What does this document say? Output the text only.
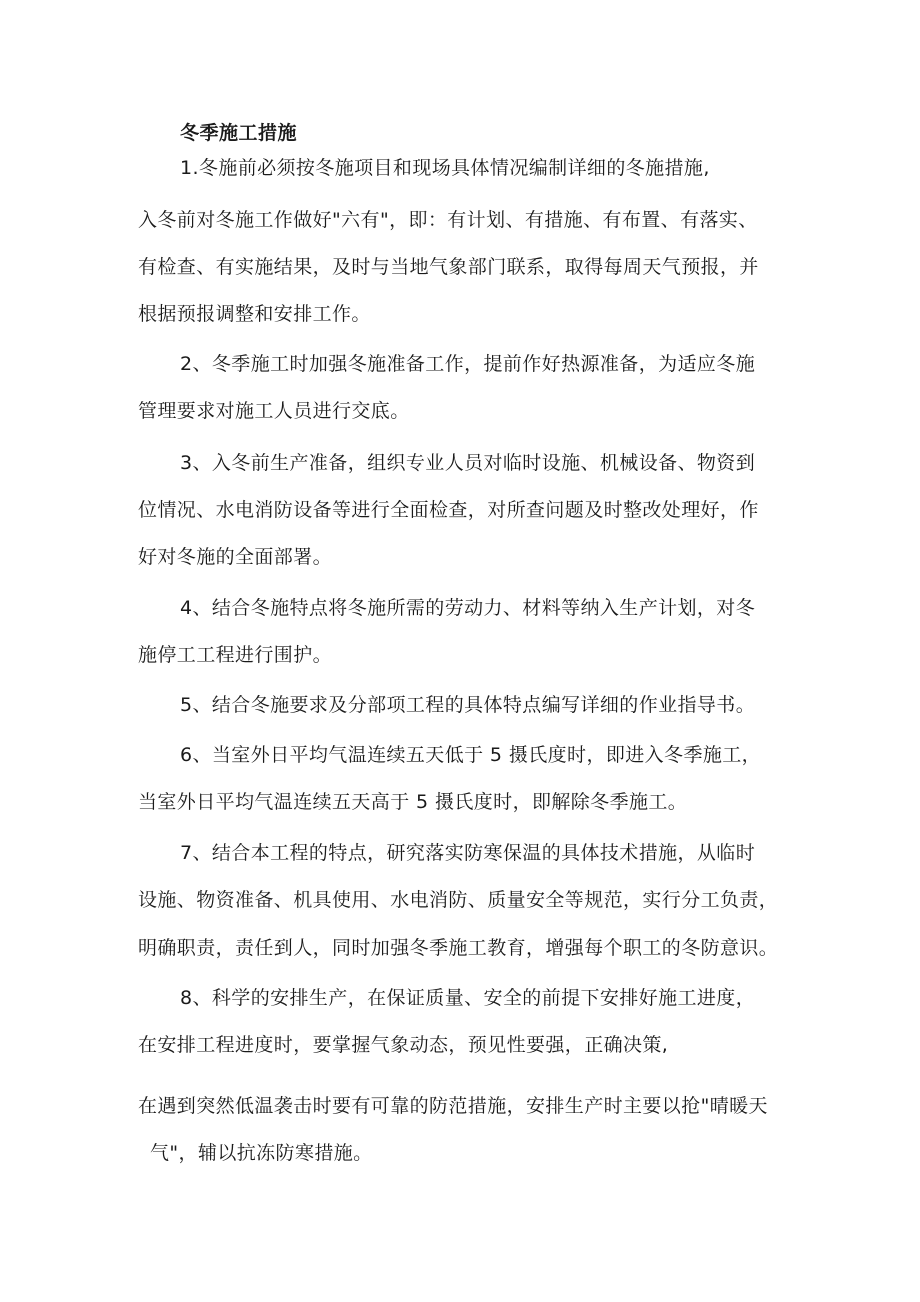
冬季施工措施
1.冬施前必须按冬施项目和现场具体情况编制详细的冬施措施,
入冬前对冬施工作做好"六有"，即：有计划、有措施、有布置、有落实、
有检查、有实施结果，及时与当地气象部门联系，取得每周天气预报，并
根据预报调整和安排工作。
2、冬季施工时加强冬施准备工作，提前作好热源准备，为适应冬施
管理要求对施工人员进行交底。
3、入冬前生产准备，组织专业人员对临时设施、机械设备、物资到
位情况、水电消防设备等进行全面检查，对所查问题及时整改处理好，作
好对冬施的全面部署。
4、结合冬施特点将冬施所需的劳动力、材料等纳入生产计划，对冬
施停工工程进行围护。
5、结合冬施要求及分部项工程的具体特点编写详细的作业指导书。
6、当室外日平均气温连续五天低于 5 摄氏度时，即进入冬季施工，
当室外日平均气温连续五天高于 5 摄氏度时，即解除冬季施工。
7、结合本工程的特点，研究落实防寒保温的具体技术措施，从临时
设施、物资准备、机具使用、水电消防、质量安全等规范，实行分工负责，
明确职责，责任到人，同时加强冬季施工教育，增强每个职工的冬防意识。
8、科学的安排生产，在保证质量、安全的前提下安排好施工进度，
在安排工程进度时，要掌握气象动态，预见性要强，正确决策,
在遇到突然低温袭击时要有可靠的防范措施，安排生产时主要以抢"晴暖天
气"，辅以抗冻防寒措施。
